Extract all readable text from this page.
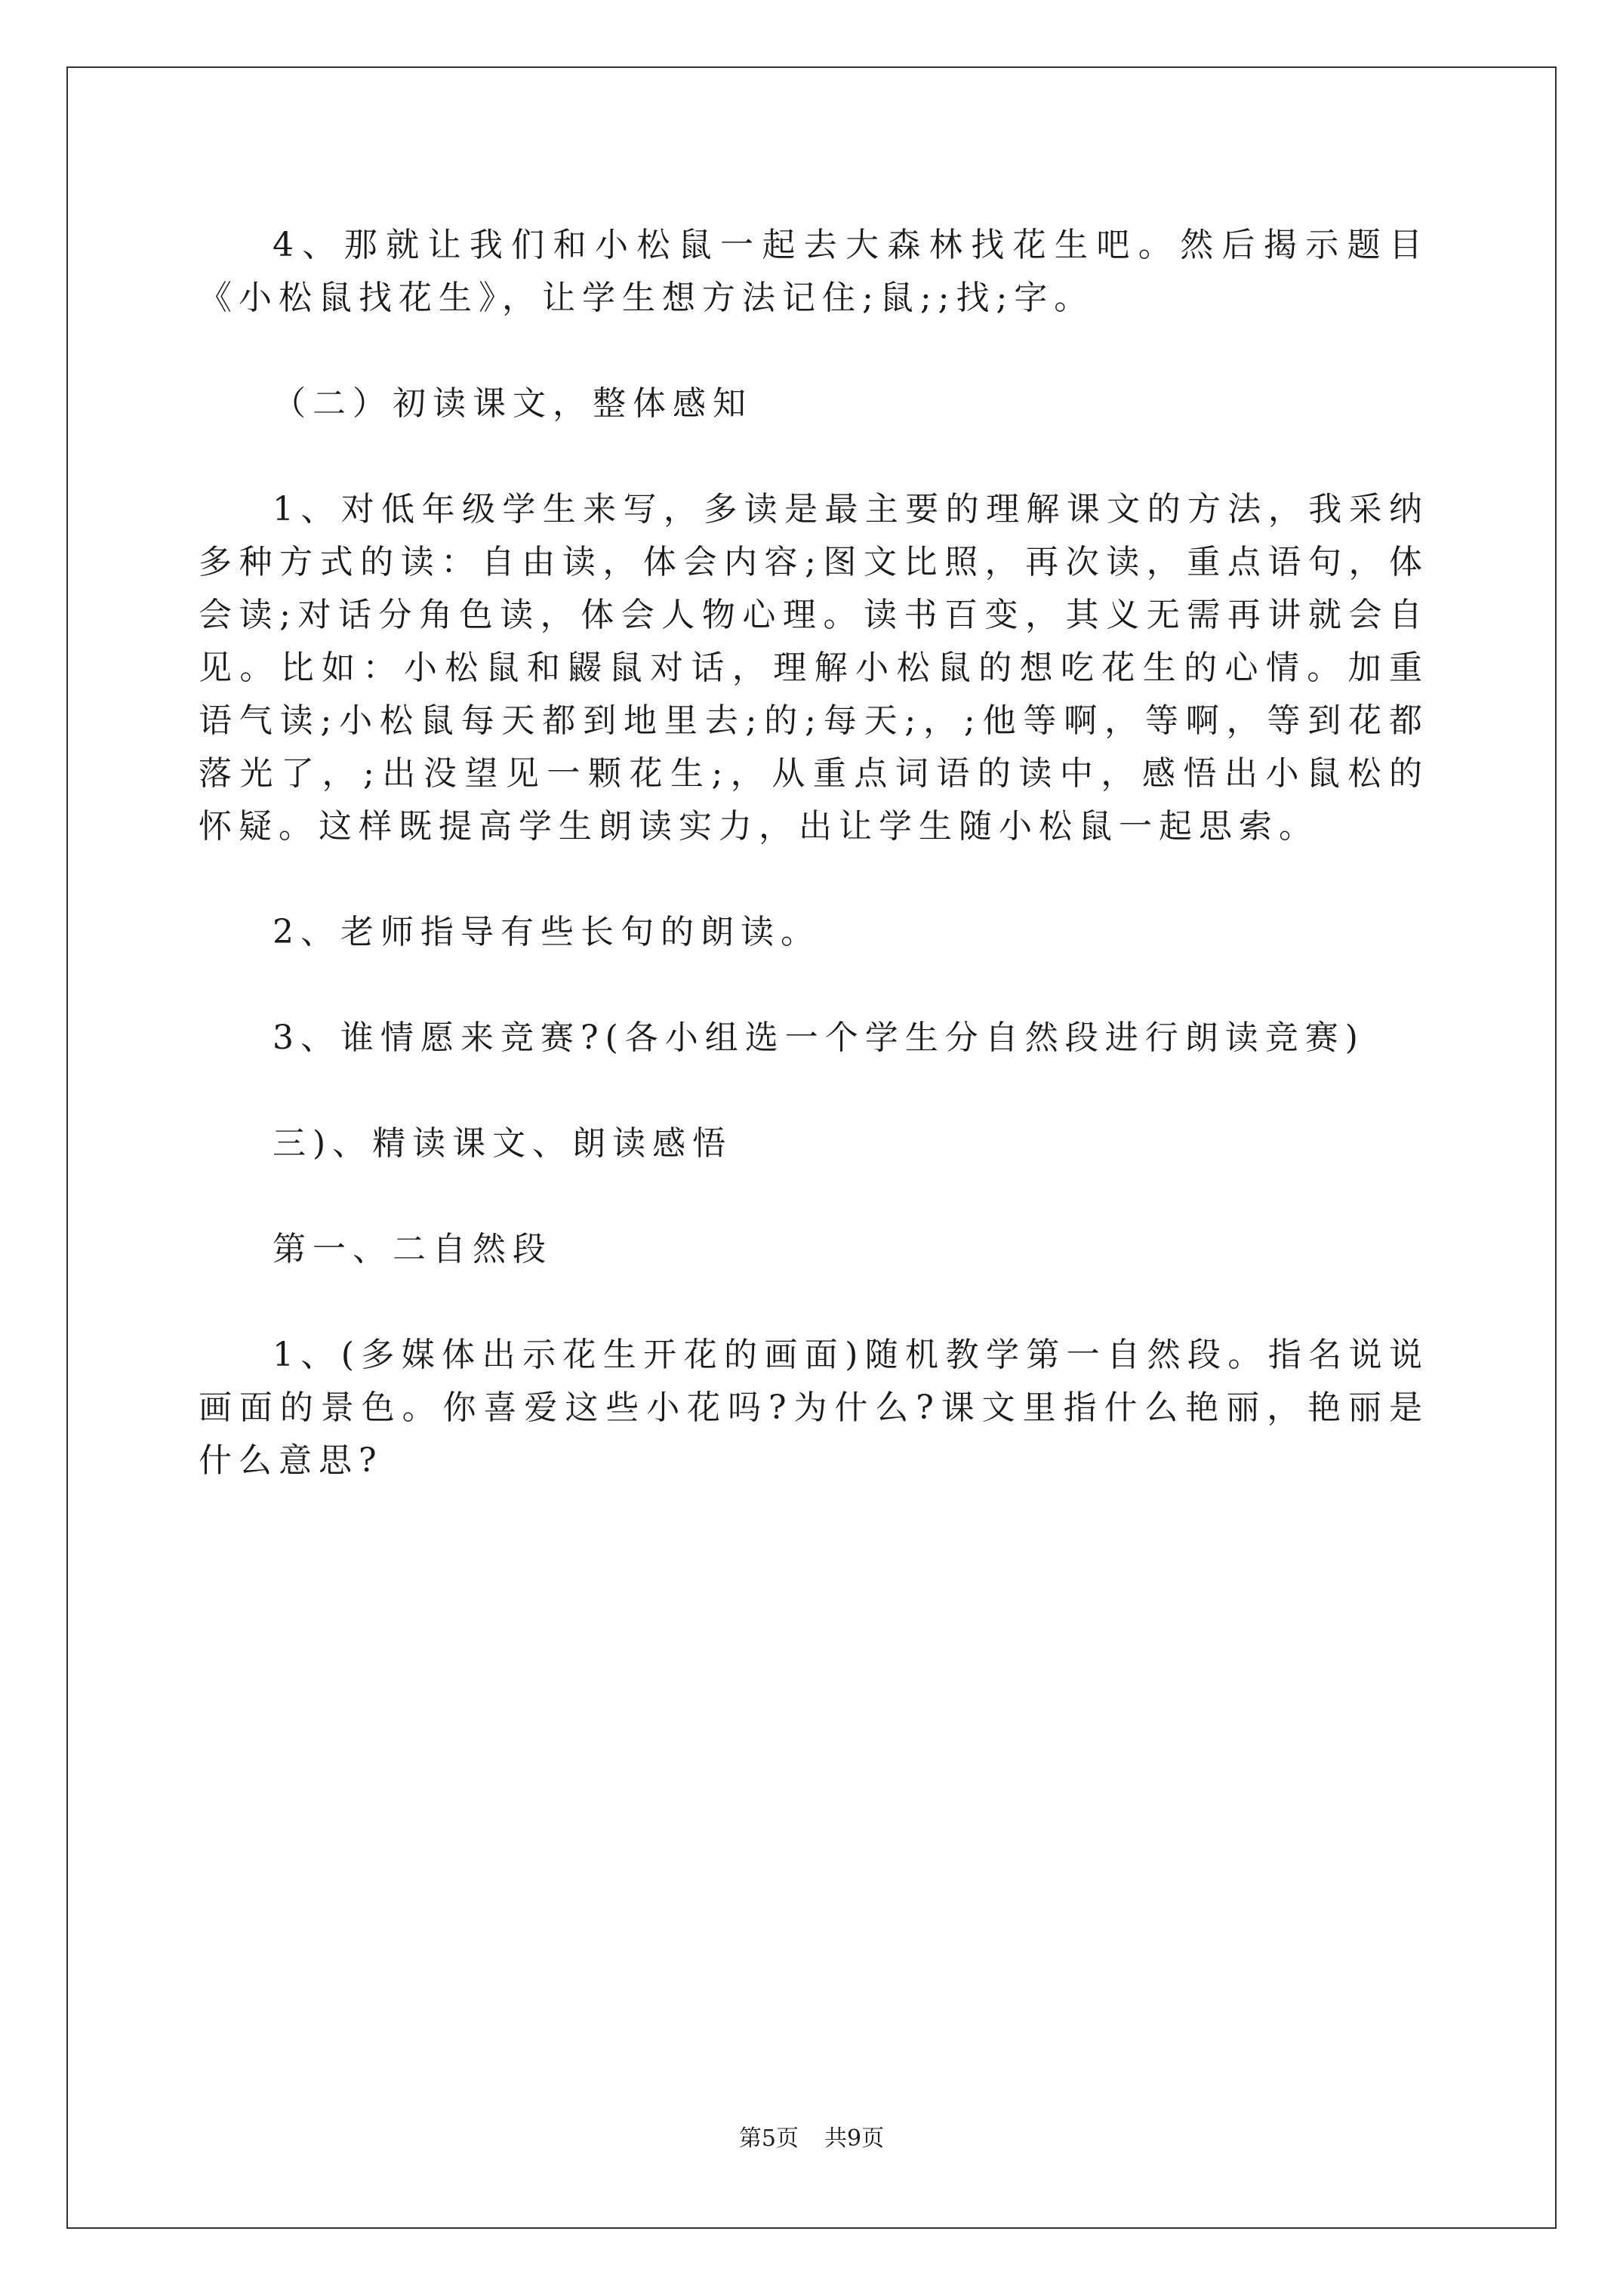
4、那就让我们和小松鼠一起去大森林找花生吧。然后揭示题目《小松鼠找花生》，让学生想方法记住;鼠;;找;字。

（二）初读课文，整体感知

1、对低年级学生来写，多读是最主要的理解课文的方法，我采纳多种方式的读：自由读，体会内容;图文比照，再次读，重点语句，体会读;对话分角色读，体会人物心理。读书百变，其义无需再讲就会自见。比如：小松鼠和鼹鼠对话，理解小松鼠的想吃花生的心情。加重语气读;小松鼠每天都到地里去;的;每天;，;他等啊，等啊，等到花都落光了，;出没望见一颗花生;，从重点词语的读中，感悟出小鼠松的怀疑。这样既提高学生朗读实力，出让学生随小松鼠一起思索。

2、老师指导有些长句的朗读。

3、谁情愿来竞赛?(各小组选一个学生分自然段进行朗读竞赛)

三)、精读课文、朗读感悟

第一、二自然段

1、(多媒体出示花生开花的画面)随机教学第一自然段。指名说说画面的景色。你喜爱这些小花吗?为什么?课文里指什么艳丽，艳丽是什么意思?

第5页 共9页
